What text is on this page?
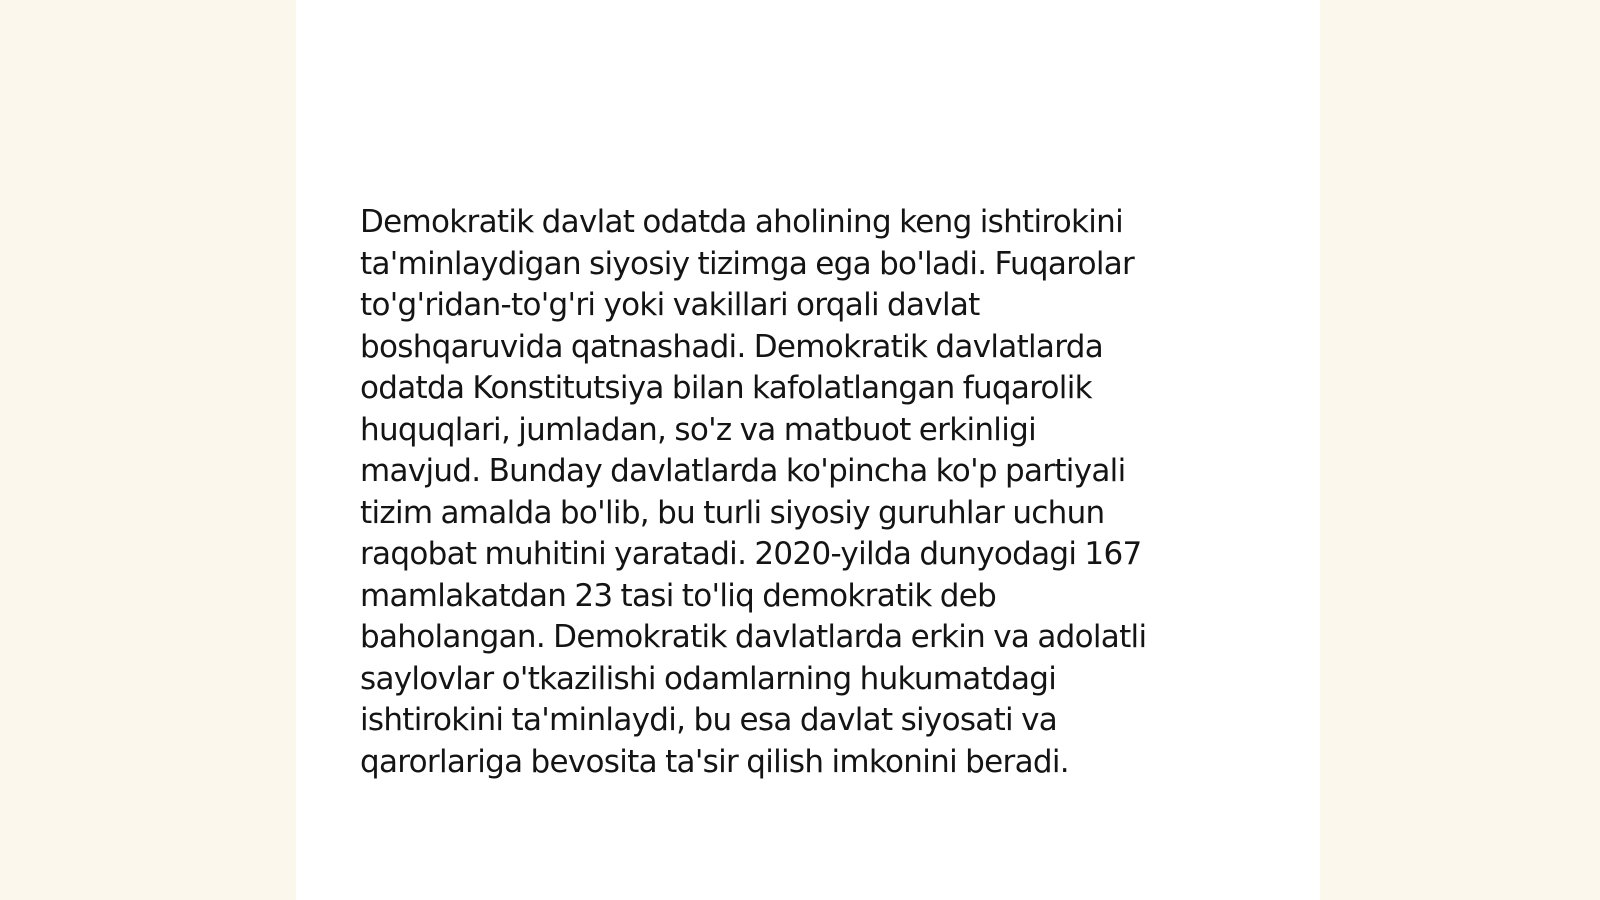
Demokratik davlat odatda aholining keng ishtirokini
ta'minlaydigan siyosiy tizimga ega bo'ladi. Fuqarolar
to'g'ridan-to'g'ri yoki vakillari orqali davlat
boshqaruvida qatnashadi. Demokratik davlatlarda
odatda Konstitutsiya bilan kafolatlangan fuqarolik
huquqlari, jumladan, so'z va matbuot erkinligi
mavjud. Bunday davlatlarda ko'pincha ko'p partiyali
tizim amalda bo'lib, bu turli siyosiy guruhlar uchun
raqobat muhitini yaratadi. 2020-yilda dunyodagi 167
mamlakatdan 23 tasi to'liq demokratik deb
baholangan. Demokratik davlatlarda erkin va adolatli
saylovlar o'tkazilishi odamlarning hukumatdagi
ishtirokini ta'minlaydi, bu esa davlat siyosati va
qarorlariga bevosita ta'sir qilish imkonini beradi.
